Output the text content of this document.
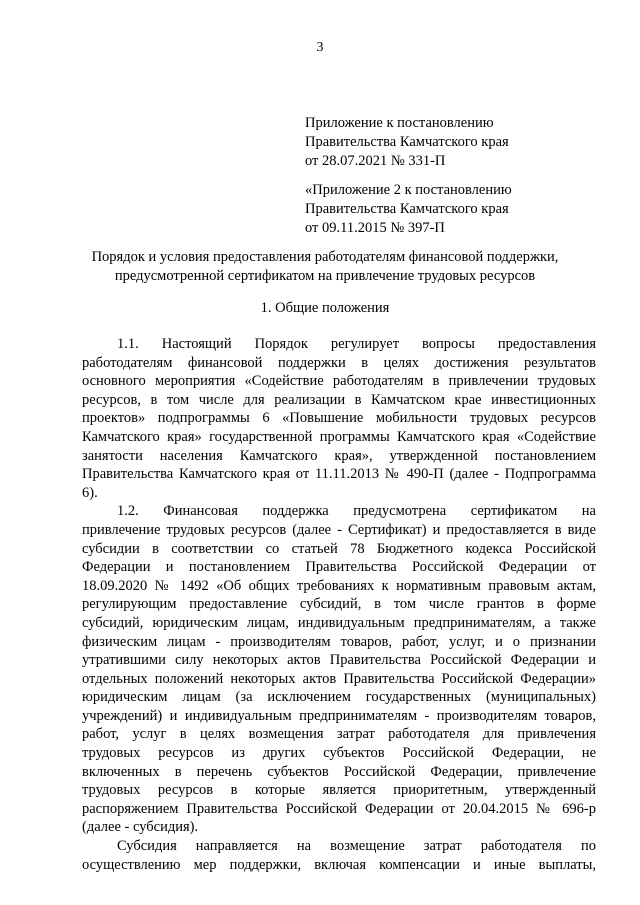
3
Приложение к постановлению
Правительства Камчатского края
от 28.07.2021 № 331-П
«Приложение 2 к постановлению
Правительства Камчатского края
от 09.11.2015 № 397-П
Порядок и условия предоставления работодателям финансовой поддержки,
предусмотренной сертификатом на привлечение трудовых ресурсов
1. Общие положения
1.1. Настоящий Порядок регулирует вопросы предоставления
работодателям финансовой поддержки в целях достижения результатов
основного мероприятия «Содействие работодателям в привлечении трудовых
ресурсов, в том числе для реализации в Камчатском крае инвестиционных
проектов» подпрограммы 6 «Повышение мобильности трудовых ресурсов
Камчатского края» государственной программы Камчатского края «Содействие
занятости населения Камчатского края», утвержденной постановлением
Правительства Камчатского края от 11.11.2013 № 490-П (далее - Подпрограмма
6).
1.2. Финансовая поддержка предусмотрена сертификатом на
привлечение трудовых ресурсов (далее - Сертификат) и предоставляется в виде
субсидии в соответствии со статьей 78 Бюджетного кодекса Российской
Федерации и постановлением Правительства Российской Федерации от
18.09.2020 № 1492 «Об общих требованиях к нормативным правовым актам,
регулирующим предоставление субсидий, в том числе грантов в форме
субсидий, юридическим лицам, индивидуальным предпринимателям, а также
физическим лицам - производителям товаров, работ, услуг, и о признании
утратившими силу некоторых актов Правительства Российской Федерации и
отдельных положений некоторых актов Правительства Российской Федерации»
юридическим лицам (за исключением государственных (муниципальных)
учреждений) и индивидуальным предпринимателям - производителям товаров,
работ, услуг в целях возмещения затрат работодателя для привлечения
трудовых ресурсов из других субъектов Российской Федерации, не
включенных в перечень субъектов Российской Федерации, привлечение
трудовых ресурсов в которые является приоритетным, утвержденный
распоряжением Правительства Российской Федерации от 20.04.2015 № 696-р
(далее - субсидия).
Субсидия направляется на возмещение затрат работодателя по
осуществлению мер поддержки, включая компенсации и иные выплаты,
